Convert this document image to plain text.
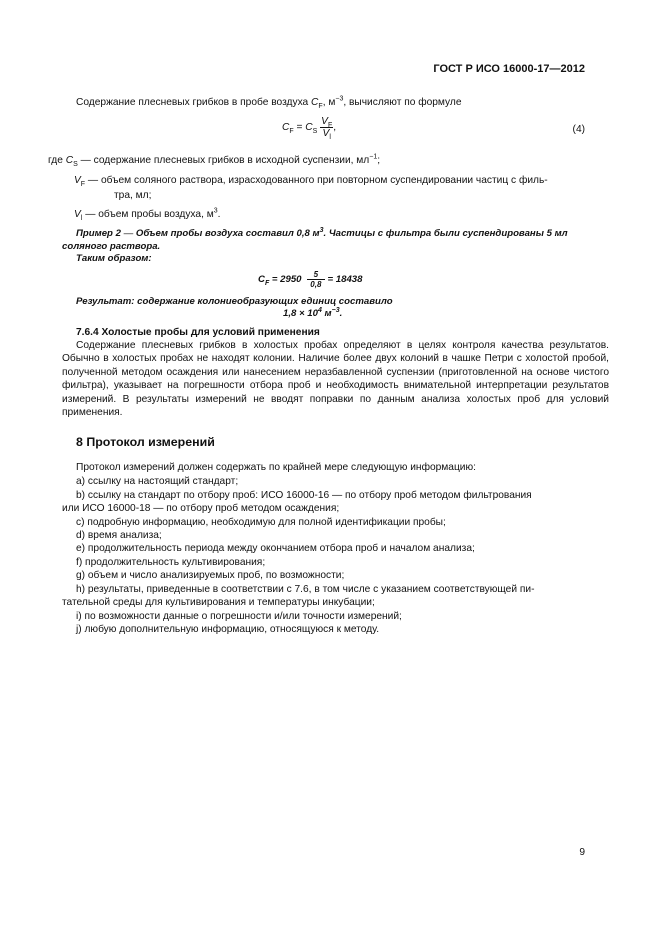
ГОСТ Р ИСО 16000-17—2012
Содержание плесневых грибков в пробе воздуха $C_F$, $м^{-3}$, вычисляют по формуле
$C_F = C_S \frac{V_F}{V_l}$ ,	(4)
где $C_S$ — содержание плесневых грибков в исходной суспензии, $мл^{-1}$;
$V_F$ — объем соляного раствора, израсходованного при повторном суспендировании частиц с филь-
тра, мл;
$V_l$ — объем пробы воздуха, $м^3$.
Пример 2 — Объем пробы воздуха составил 0,8 $м^3$. Частицы с фильтра были суспендированы 5 мл
соляного раствора.
Таким образом:
$C_F = 2950 \frac{5}{0,8} = 18438$
Результат: содержание колониеобразующих единиц составило
$1,8 \times 10^4$ $м^{-3}$.
7.6.4 Холостые пробы для условий применения
Содержание плесневых грибков в холостых пробах определяют в целях контроля качества результатов. Обычно в холостых пробах не находят колонии. Наличие более двух колоний в чашке Петри с холостой пробой, полученной методом осаждения или нанесением неразбавленной суспензии (приготовленной на основе чистого фильтра), указывает на погрешности отбора проб и необходимость внимательной интерпретации результатов измерений. В результаты измерений не вводят поправки по данным анализа холостых проб для условий применения.
8 Протокол измерений
Протокол измерений должен содержать по крайней мере следующую информацию:
a) ссылку на настоящий стандарт;
b) ссылку на стандарт по отбору проб: ИСО 16000-16 — по отбору проб методом фильтрования
или ИСО 16000-18 — по отбору проб методом осаждения;
c) подробную информацию, необходимую для полной идентификации пробы;
d) время анализа;
e) продолжительность периода между окончанием отбора проб и началом анализа;
f) продолжительность культивирования;
g) объем и число анализируемых проб, по возможности;
h) результаты, приведенные в соответствии с 7.6, в том числе с указанием соответствующей пи-
тательной среды для культивирования и температуры инкубации;
i) по возможности данные о погрешности и/или точности измерений;
j) любую дополнительную информацию, относящуюся к методу.
9
